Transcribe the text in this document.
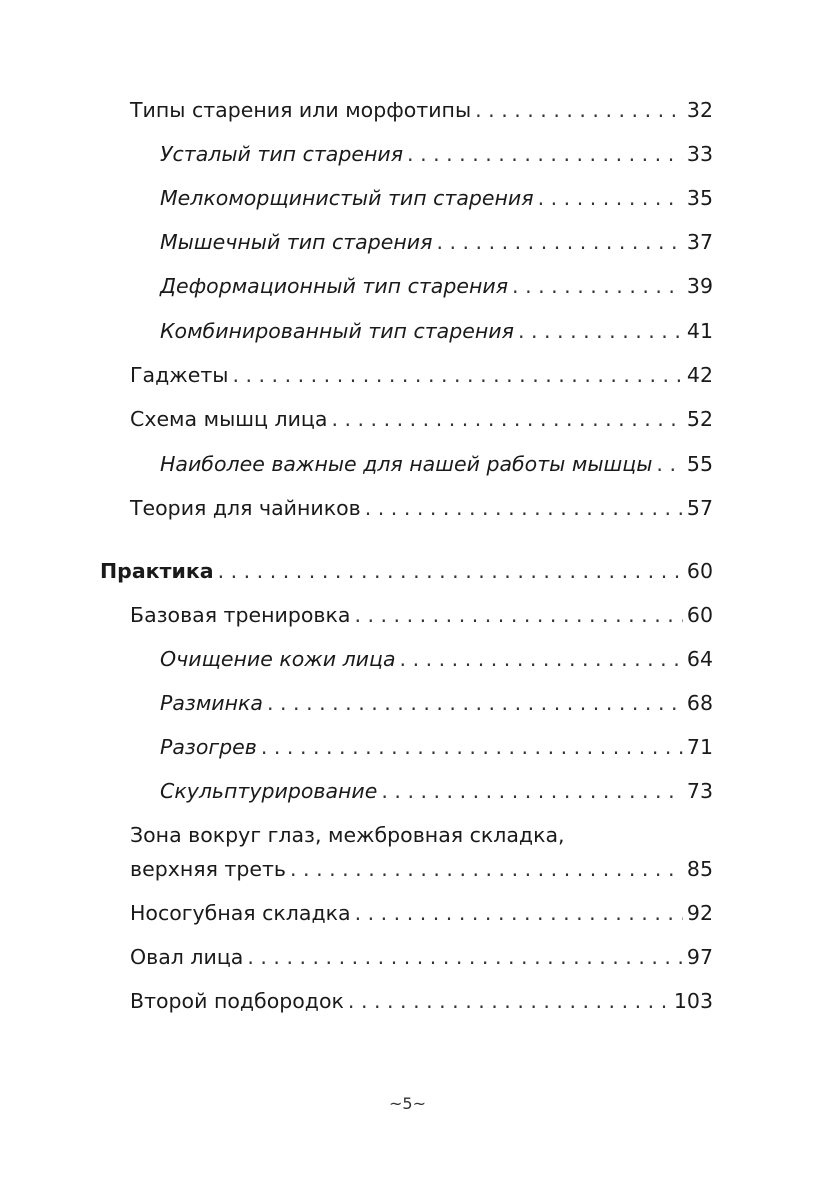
Типы старения или морфотипы . . .	32
Усталый тип старения . . .	33
Мелкоморщинистый тип старения . . .	35
Мышечный тип старения . . .	37
Деформационный тип старения . . .	39
Комбинированный тип старения . . .	41
Гаджеты . . .	42
Схема мышц лица . . .	52
Наиболее важные для нашей работы мышцы . . . 55
Теория для чайников . . .	57
Практика . . .	60
Базовая тренировка . . .	60
Очищение кожи лица . . .	64
Разминка . . .	68
Разогрев . . .	71
Скульптурирование . . .	73
Зона вокруг глаз, межбровная складка,
верхняя треть . . .	85
Носогубная складка . . .	92
Овал лица . . .	97
Второй подбородок . . .	103
~5~
